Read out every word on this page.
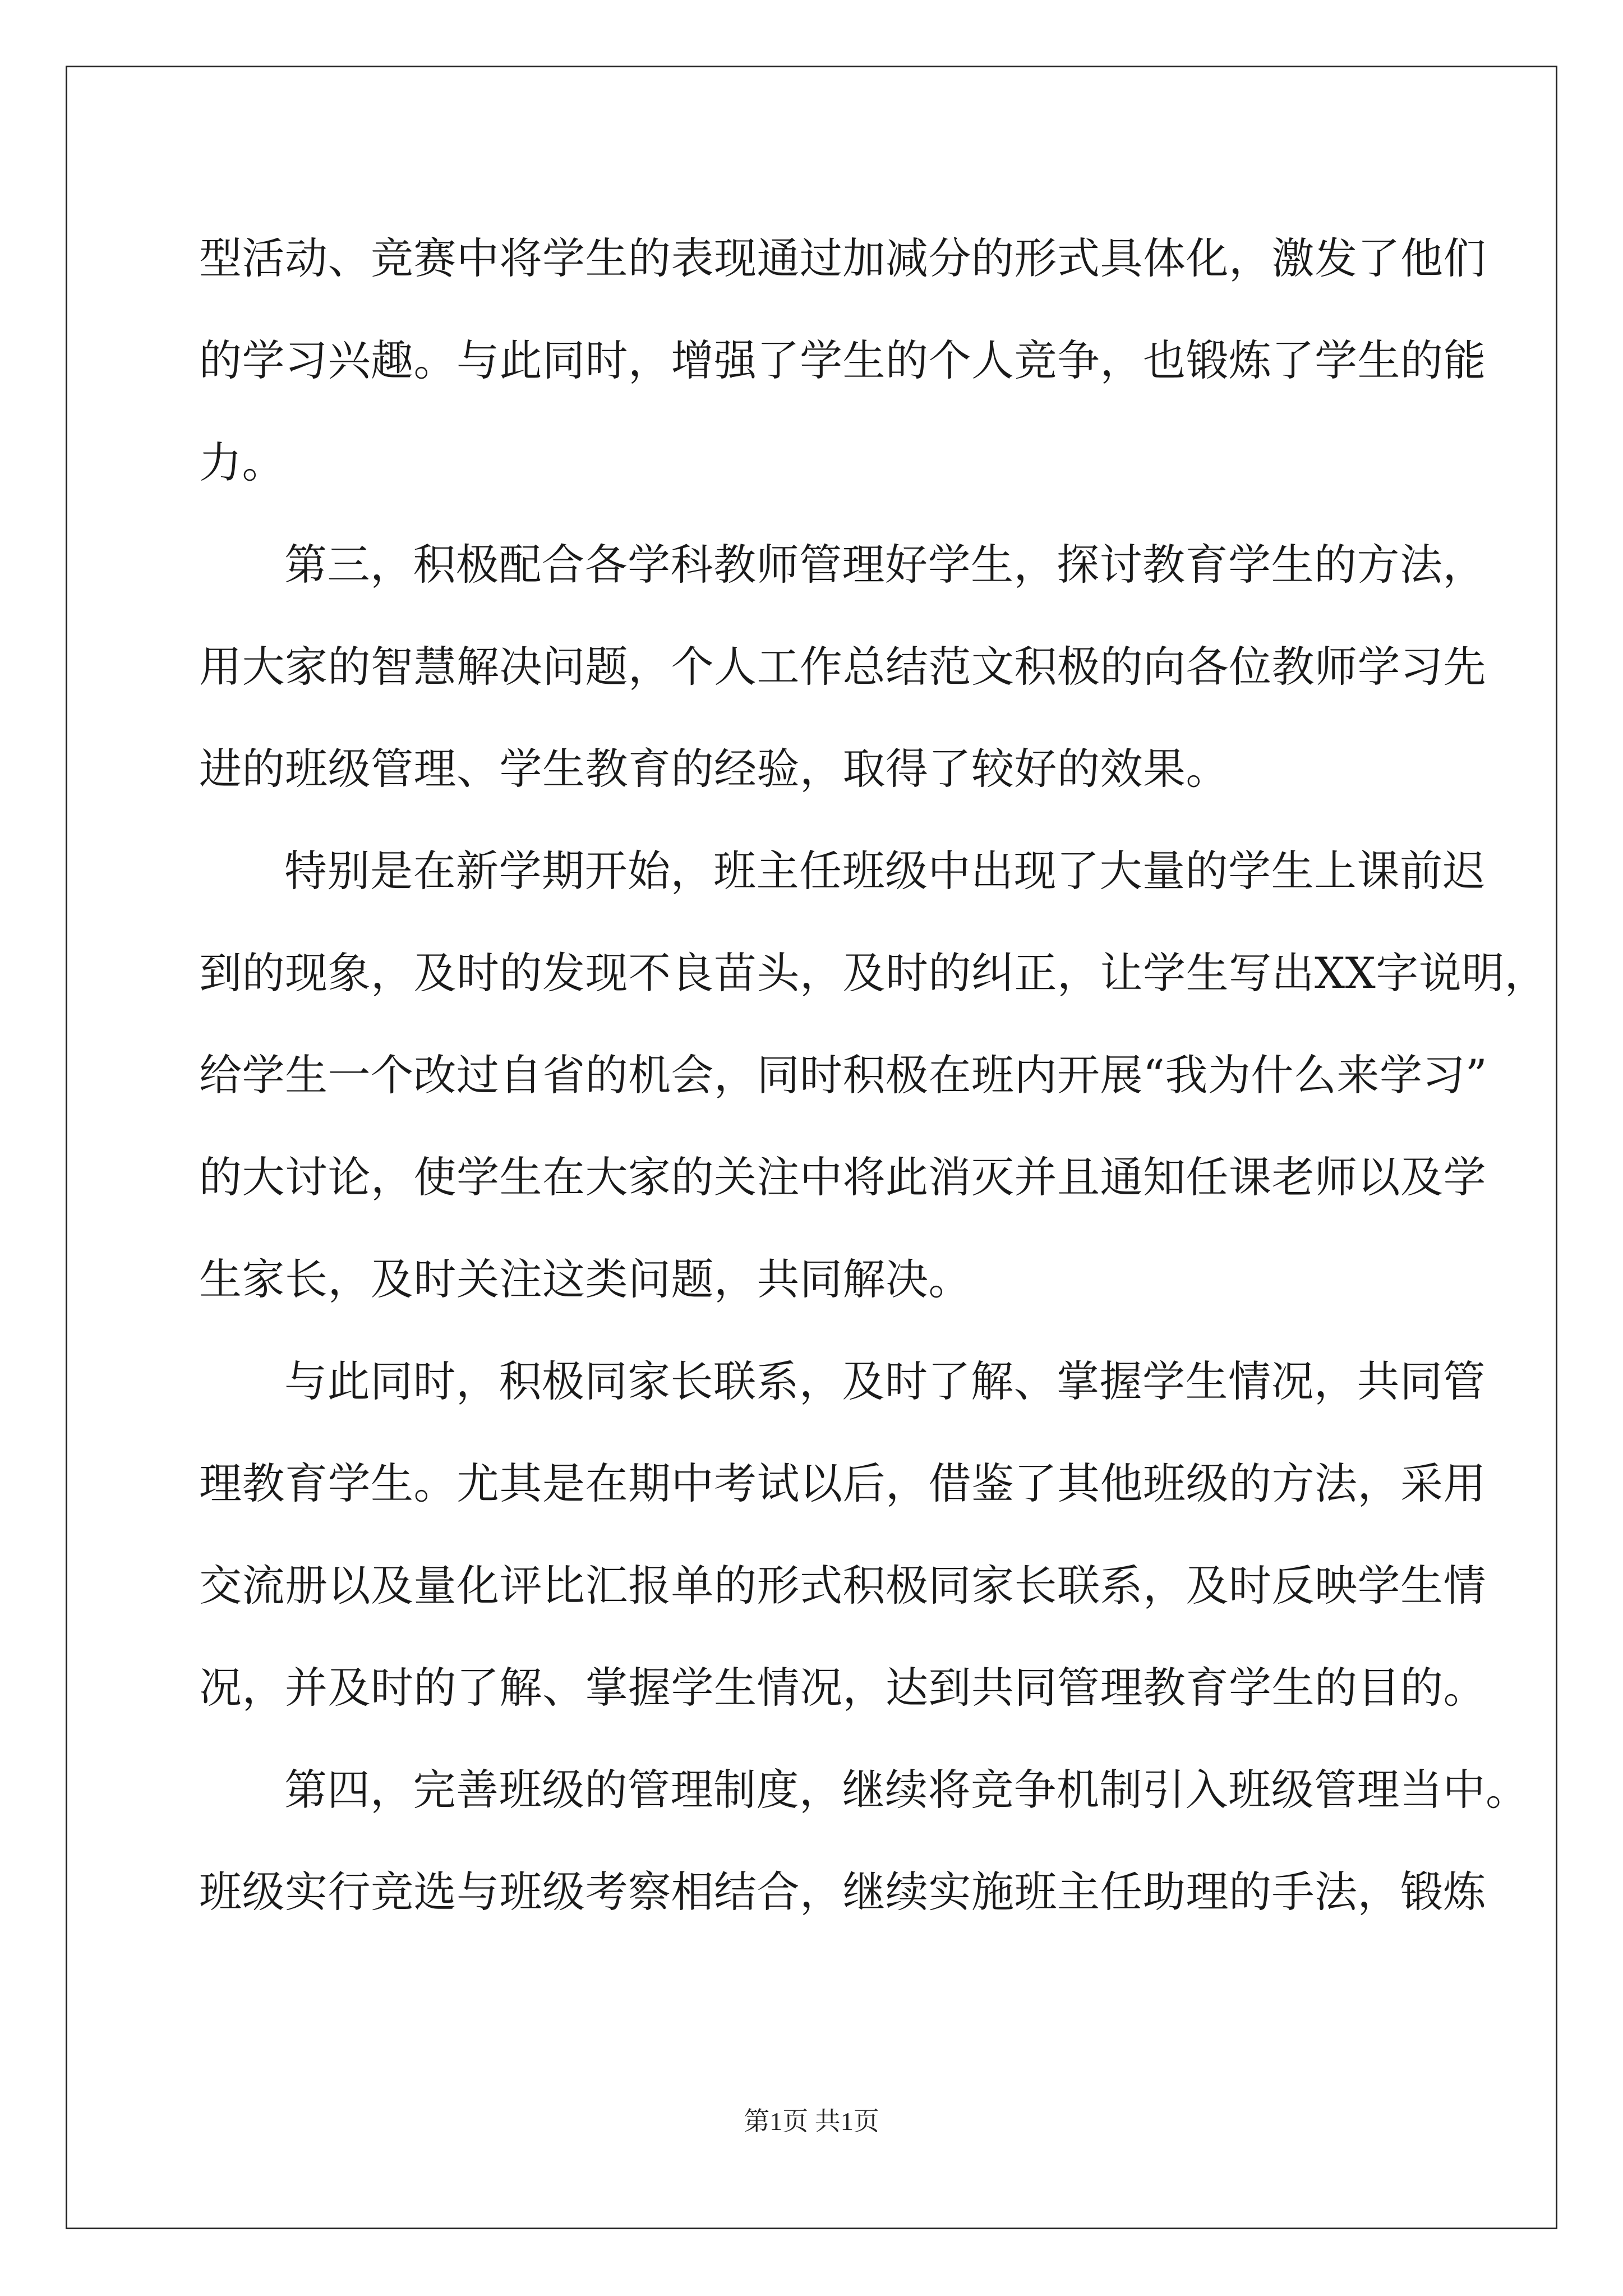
型活动、竞赛中将学生的表现通过加减分的形式具体化，激发了他们
的学习兴趣。与此同时，增强了学生的个人竞争，也锻炼了学生的能
力。
第三，积极配合各学科教师管理好学生，探讨教育学生的方法，
用大家的智慧解决问题，个人工作总结范文积极的向各位教师学习先
进的班级管理、学生教育的经验，取得了较好的效果。
特别是在新学期开始，班主任班级中出现了大量的学生上课前迟
到的现象，及时的发现不良苗头，及时的纠正，让学生写出XX字说明，
给学生一个改过自省的机会，同时积极在班内开展“我为什么来学习”
的大讨论，使学生在大家的关注中将此消灭并且通知任课老师以及学
生家长，及时关注这类问题，共同解决。
与此同时，积极同家长联系，及时了解、掌握学生情况，共同管
理教育学生。尤其是在期中考试以后，借鉴了其他班级的方法，采用
交流册以及量化评比汇报单的形式积极同家长联系，及时反映学生情
况，并及时的了解、掌握学生情况，达到共同管理教育学生的目的。
第四，完善班级的管理制度，继续将竞争机制引入班级管理当中。
班级实行竞选与班级考察相结合，继续实施班主任助理的手法，锻炼
第1页 共1页
